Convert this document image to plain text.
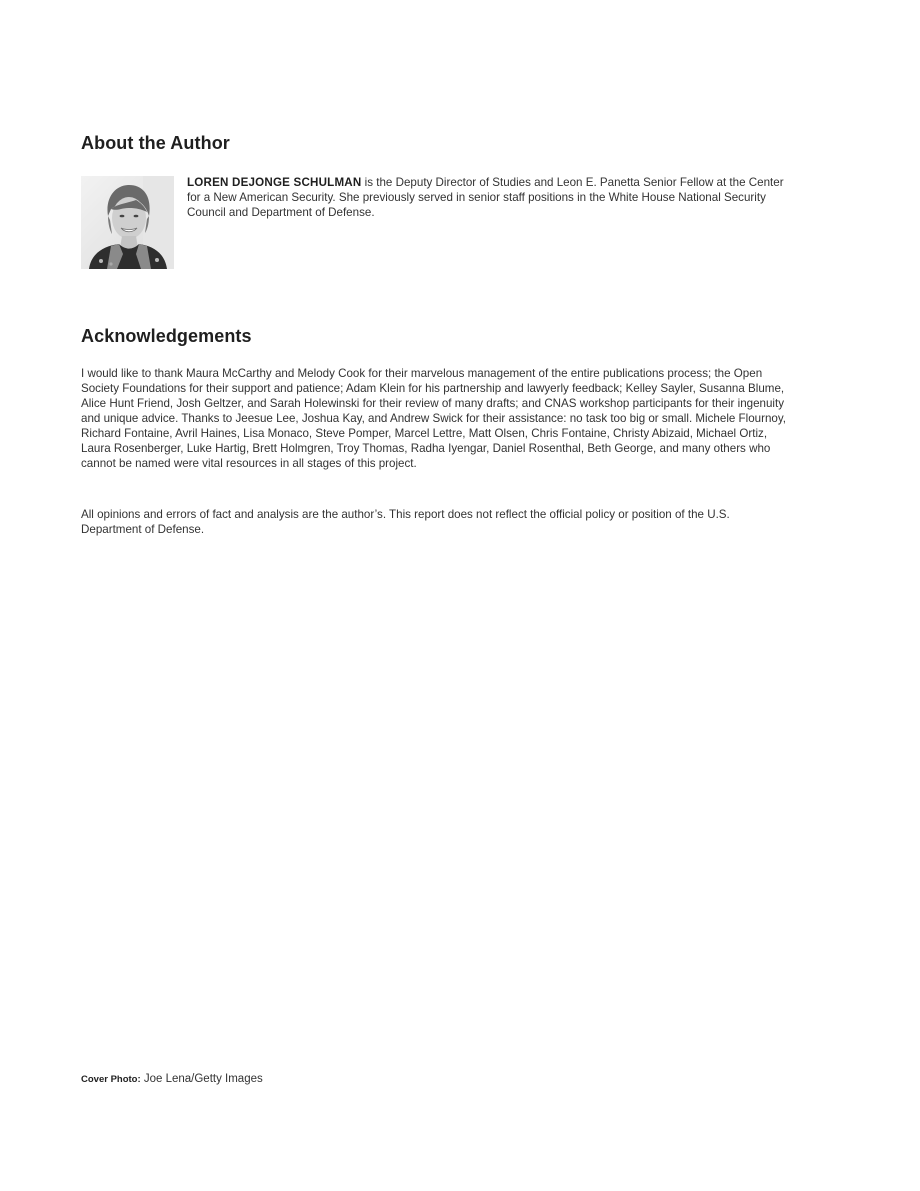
About the Author

LOREN DEJONGE SCHULMAN is the Deputy Director of Studies and Leon E. Panetta Senior Fellow at the Center for a New American Security. She previously served in senior staff positions in the White House National Security Council and Department of Defense.

Acknowledgements

I would like to thank Maura McCarthy and Melody Cook for their marvelous management of the entire publications process; the Open Society Foundations for their support and patience; Adam Klein for his partnership and lawyerly feedback; Kelley Sayler, Susanna Blume, Alice Hunt Friend, Josh Geltzer, and Sarah Holewinski for their review of many drafts; and CNAS workshop participants for their ingenuity and unique advice. Thanks to Jeesue Lee, Joshua Kay, and Andrew Swick for their assistance: no task too big or small. Michele Flournoy, Richard Fontaine, Avril Haines, Lisa Monaco, Steve Pomper, Marcel Lettre, Matt Olsen, Chris Fontaine, Christy Abizaid, Michael Ortiz, Laura Rosenberger, Luke Hartig, Brett Holmgren, Troy Thomas, Radha Iyengar, Daniel Rosenthal, Beth George, and many others who cannot be named were vital resources in all stages of this project.

All opinions and errors of fact and analysis are the author’s. This report does not reflect the official policy or position of the U.S. Department of Defense.

Cover Photo: Joe Lena/Getty Images
